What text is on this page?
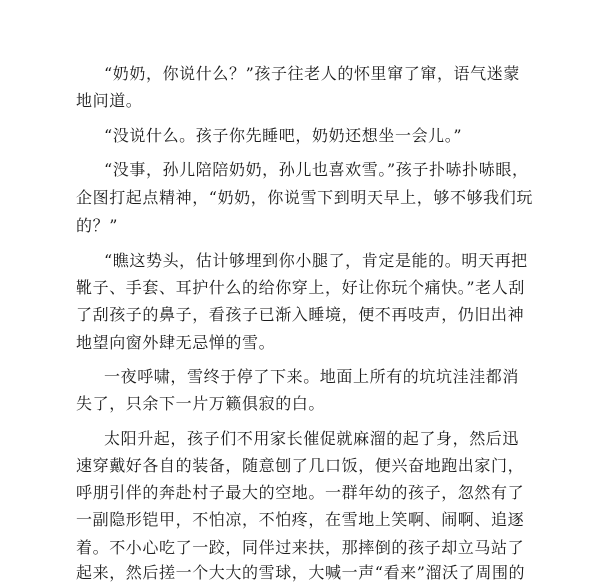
“奶奶，你说什么？”孩子往老人的怀里窜了窜，语气迷蒙
地问道。
“没说什么。孩子你先睡吧，奶奶还想坐一会儿。”
“没事，孙儿陪陪奶奶，孙儿也喜欢雪。”孩子扑哧扑哧眼，
企图打起点精神，“奶奶，你说雪下到明天早上，够不够我们玩
的？”
“瞧这势头，估计够埋到你小腿了，肯定是能的。明天再把
靴子、手套、耳护什么的给你穿上，好让你玩个痛快。”老人刮
了刮孩子的鼻子，看孩子已渐入睡境，便不再吱声，仍旧出神
地望向窗外肆无忌惮的雪。
一夜呼啸，雪终于停了下来。地面上所有的坑坑洼洼都消
失了，只余下一片万籁俱寂的白。
太阳升起，孩子们不用家长催促就麻溜的起了身，然后迅
速穿戴好各自的装备，随意刨了几口饭，便兴奋地跑出家门，
呼朋引伴的奔赴村子最大的空地。一群年幼的孩子，忽然有了
一副隐形铠甲，不怕凉，不怕疼，在雪地上笑啊、闹啊、追逐
着。不小心吃了一跤，同伴过来扶，那摔倒的孩子却立马站了
起来，然后搓一个大大的雪球，大喊一声“看来”溜沃了周围的
